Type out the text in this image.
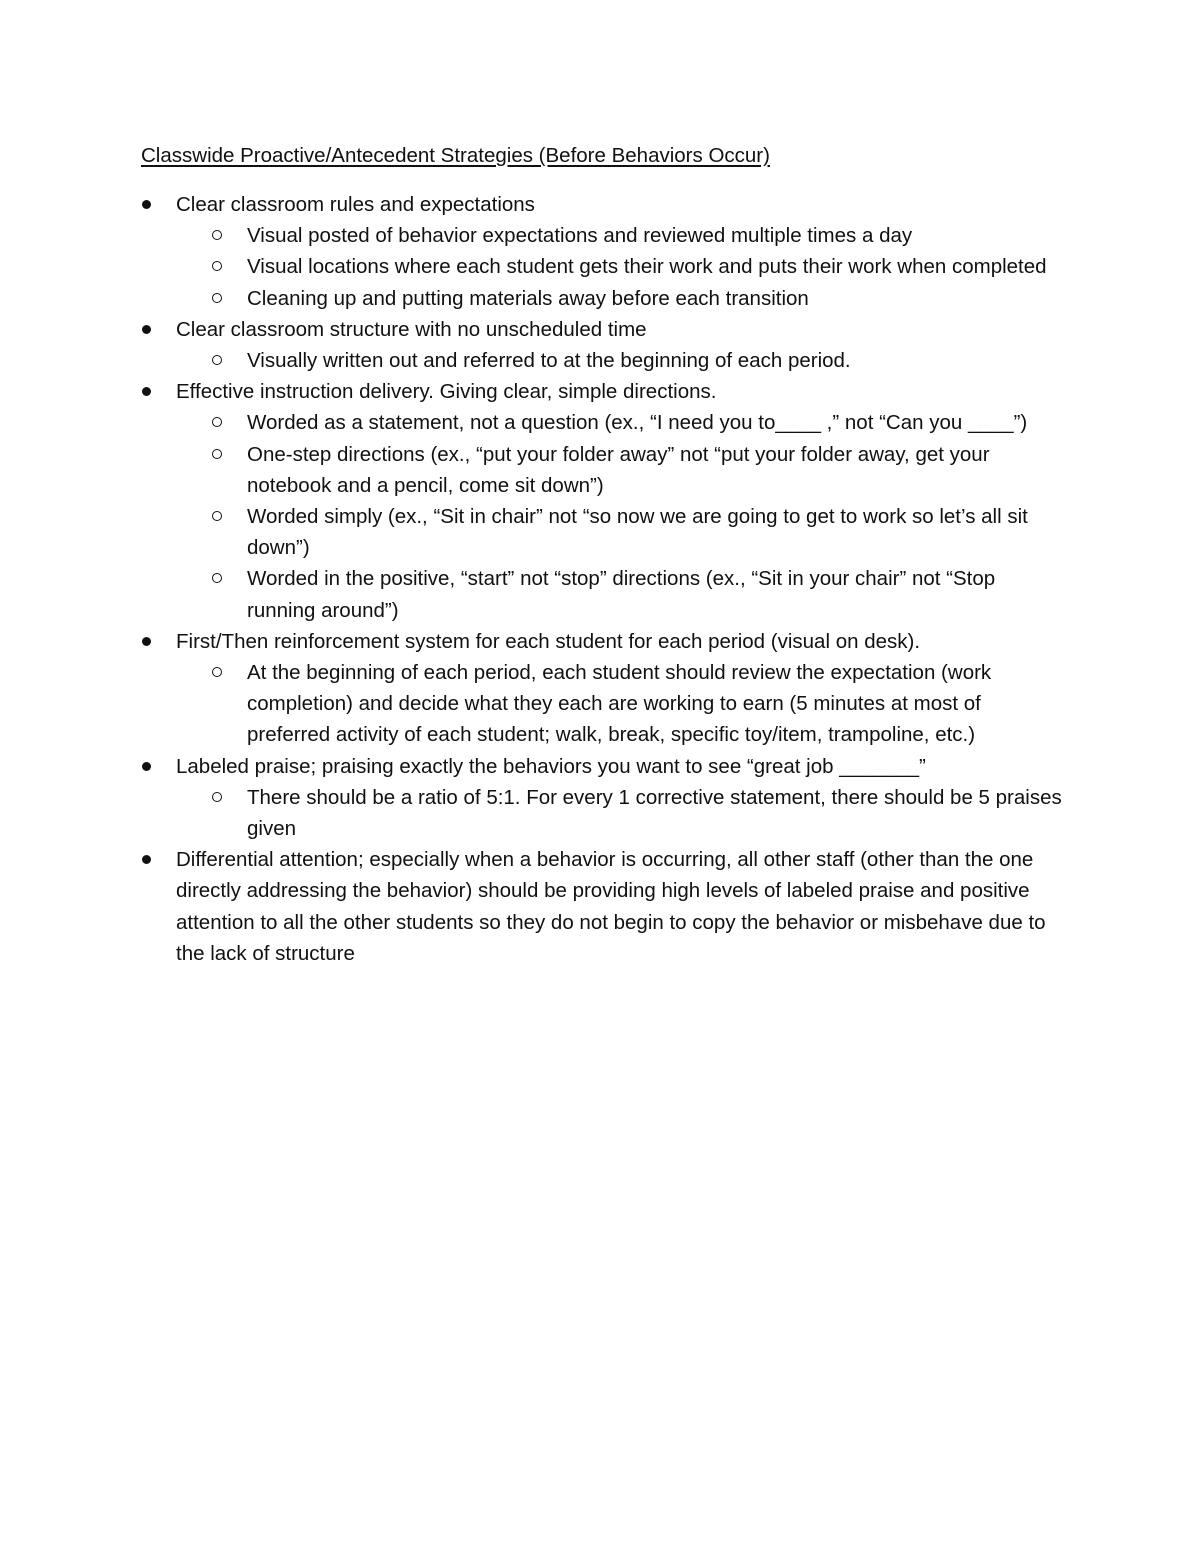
Classwide Proactive/Antecedent Strategies (Before Behaviors Occur)
Clear classroom rules and expectations
Visual posted of behavior expectations and reviewed multiple times a day
Visual locations where each student gets their work and puts their work when completed
Cleaning up and putting materials away before each transition
Clear classroom structure with no unscheduled time
Visually written out and referred to at the beginning of each period.
Effective instruction delivery. Giving clear, simple directions.
Worded as a statement, not a question (ex., “I need you to____ ,” not “Can you ____”)
One-step directions (ex., “put your folder away” not “put your folder away, get your notebook and a pencil, come sit down”)
Worded simply (ex., “Sit in chair” not “so now we are going to get to work so let’s all sit down”)
Worded in the positive, “start” not “stop” directions (ex., “Sit in your chair” not “Stop running around”)
First/Then reinforcement system for each student for each period (visual on desk).
At the beginning of each period, each student should review the expectation (work completion) and decide what they each are working to earn (5 minutes at most of preferred activity of each student; walk, break, specific toy/item, trampoline, etc.)
Labeled praise; praising exactly the behaviors you want to see “great job _______”
There should be a ratio of 5:1. For every 1 corrective statement, there should be 5 praises given
Differential attention; especially when a behavior is occurring, all other staff (other than the one directly addressing the behavior) should be providing high levels of labeled praise and positive attention to all the other students so they do not begin to copy the behavior or misbehave due to the lack of structure
